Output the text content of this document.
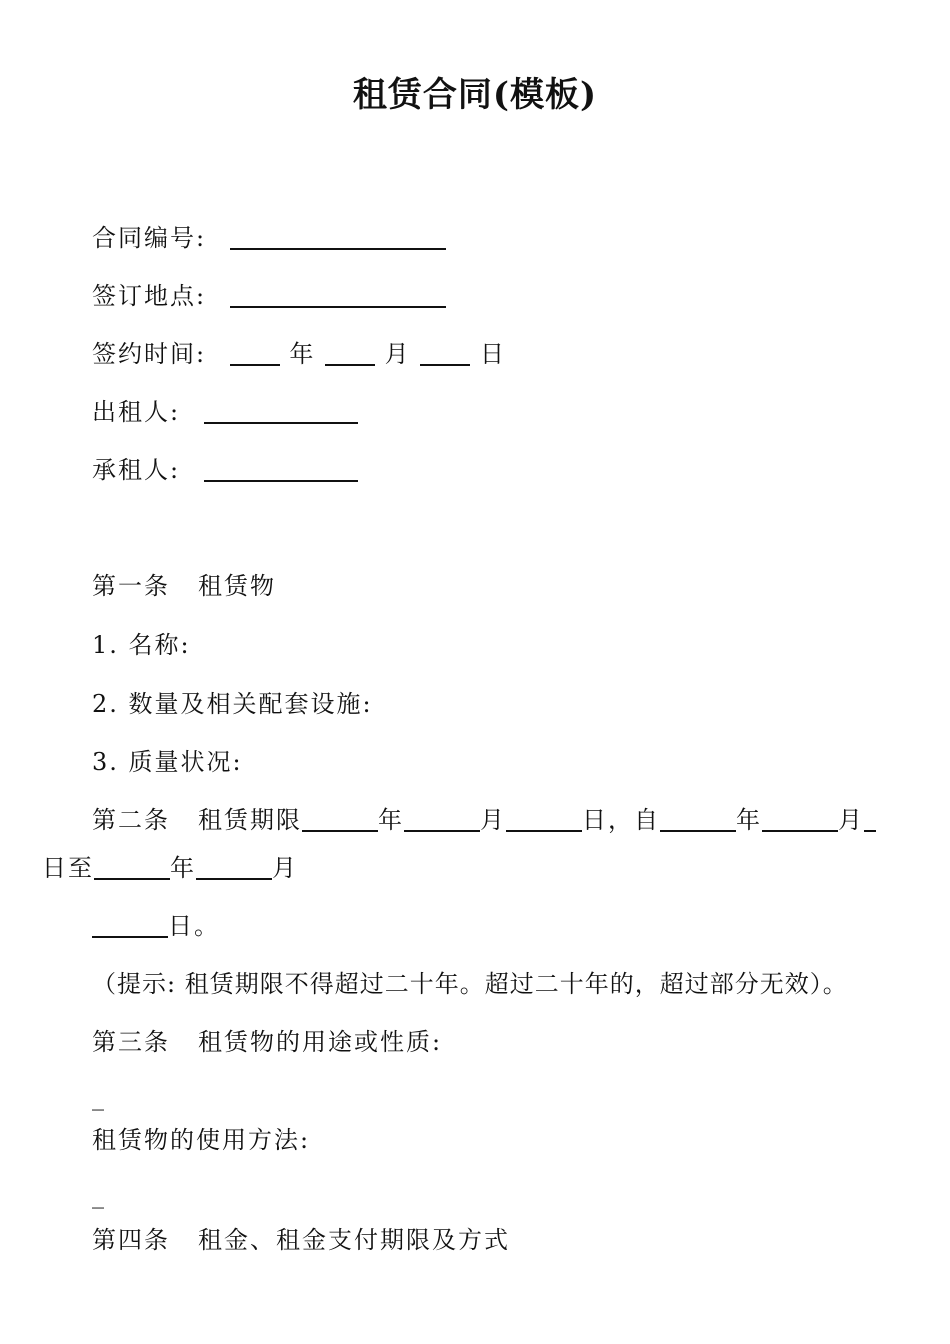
租赁合同(模板)
合同编号:
签订地点:
签约时间:	年	月	日
出租人:
承租人:
第一条 租赁物
1. 名称:
2. 数量及相关配套设施:
3. 质量状况:
第二条 租赁期限	年	月	日，自	年	月
日至	年	月
日。
（提示: 租赁期限不得超过二十年。超过二十年的，超过部分无效）。
第三条 租赁物的用途或性质:
_
租赁物的使用方法:
_
第四条 租金、租金支付期限及方式
